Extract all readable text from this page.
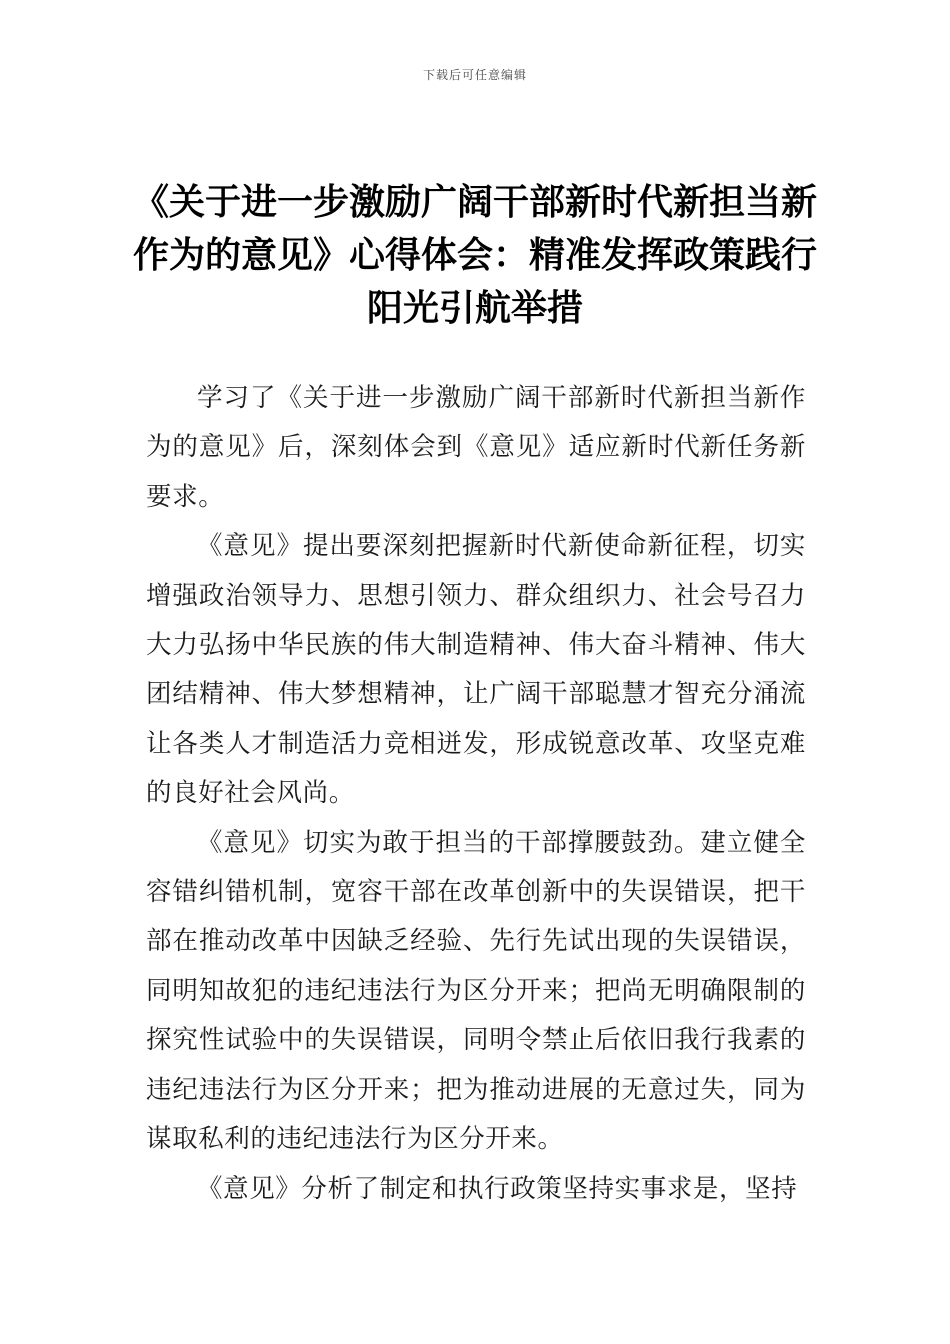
下载后可任意编辑
《关于进一步激励广阔干部新时代新担当新作为的意见》心得体会：精准发挥政策践行阳光引航举措

学习了《关于进一步激励广阔干部新时代新担当新作为的意见》后，深刻体会到《意见》适应新时代新任务新要求。

《意见》提出要深刻把握新时代新使命新征程，切实增强政治领导力、思想引领力、群众组织力、社会号召力大力弘扬中华民族的伟大制造精神、伟大奋斗精神、伟大团结精神、伟大梦想精神，让广阔干部聪慧才智充分涌流让各类人才制造活力竞相迸发，形成锐意改革、攻坚克难的良好社会风尚。

《意见》切实为敢于担当的干部撑腰鼓劲。建立健全容错纠错机制，宽容干部在改革创新中的失误错误，把干部在推动改革中因缺乏经验、先行先试出现的失误错误，同明知故犯的违纪违法行为区分开来；把尚无明确限制的探究性试验中的失误错误，同明令禁止后依旧我行我素的违纪违法行为区分开来；把为推动进展的无意过失，同为谋取私利的违纪违法行为区分开来。

《意见》分析了制定和执行政策坚持实事求是，坚持
